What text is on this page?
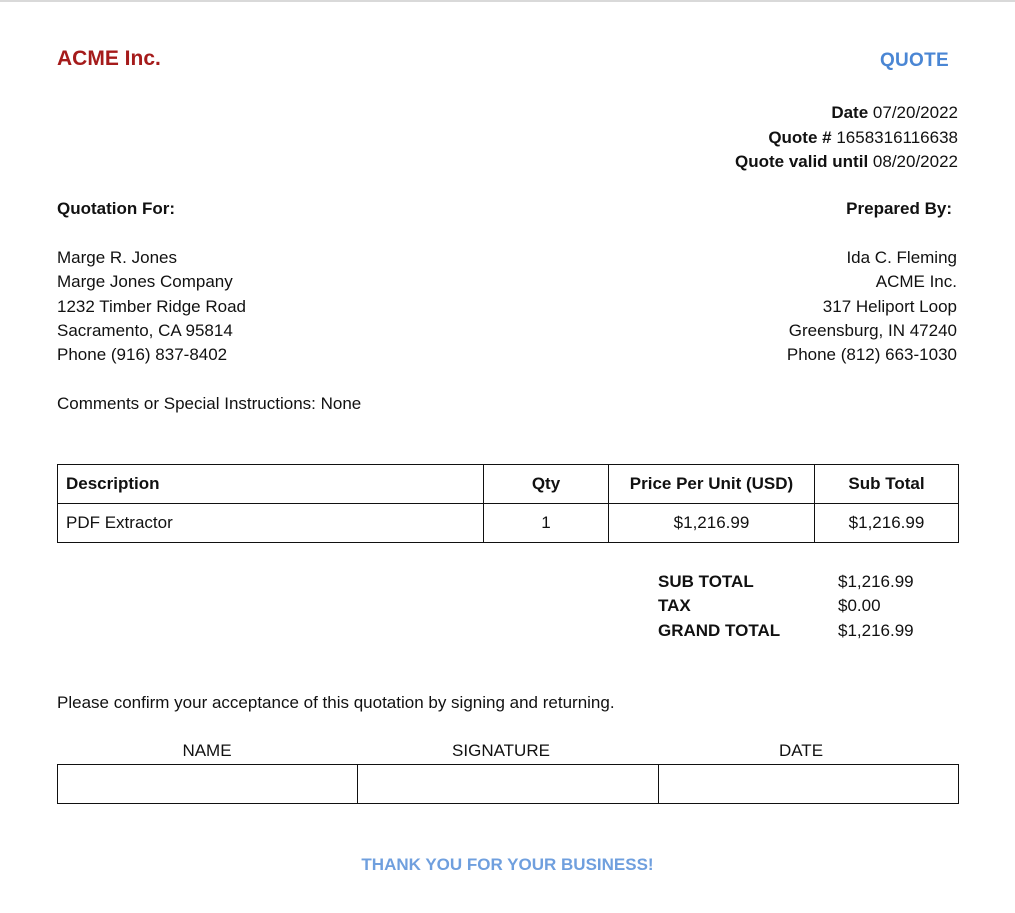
ACME Inc.	QUOTE
Date 07/20/2022
Quote # 1658316116638
Quote valid until 08/20/2022
Quotation For:	Prepared By:
Marge R. Jones
Marge Jones Company
1232 Timber Ridge Road
Sacramento, CA 95814
Phone (916) 837-8402
Ida C. Fleming
ACME Inc.
317 Heliport Loop
Greensburg, IN 47240
Phone (812) 663-1030
Comments or Special Instructions: None
Description	Qty	Price Per Unit (USD)	Sub Total
PDF Extractor	1	$1,216.99	$1,216.99
SUB TOTAL	$1,216.99
TAX	$0.00
GRAND TOTAL	$1,216.99
Please confirm your acceptance of this quotation by signing and returning.
NAME	SIGNATURE	DATE
THANK YOU FOR YOUR BUSINESS!
